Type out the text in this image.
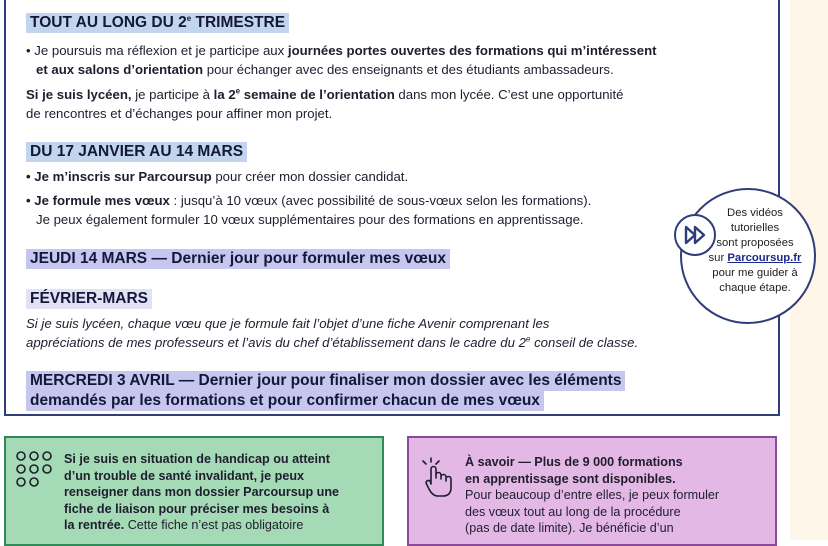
TOUT AU LONG DU 2e TRIMESTRE

• Je poursuis ma réflexion et je participe aux journées portes ouvertes des formations qui m’intéressent
et aux salons d’orientation pour échanger avec des enseignants et des étudiants ambassadeurs.

Si je suis lycéen, je participe à la 2e semaine de l’orientation dans mon lycée. C’est une opportunité
de rencontres et d’échanges pour affiner mon projet.

DU 17 JANVIER AU 14 MARS

• Je m’inscris sur Parcoursup pour créer mon dossier candidat.

• Je formule mes vœux : jusqu’à 10 vœux (avec possibilité de sous-vœux selon les formations).
Je peux également formuler 10 vœux supplémentaires pour des formations en apprentissage.

JEUDI 14 MARS — Dernier jour pour formuler mes vœux
FÉVRIER-MARS

Si je suis lycéen, chaque vœu que je formule fait l’objet d’une fiche Avenir comprenant les

appréciations de mes professeurs et l’avis du chef d’établissement dans le cadre du 2e conseil de classe.

MERCREDI 3 AVRIL — Dernier jour pour finaliser mon dossier avec les éléments
demandés par les formations et pour confirmer chacun de mes vœux
Des vidéos
tutorielles
sont proposées
sur Parcoursup.fr
pour me guider à
chaque étape.
Si je suis en situation de handicap ou atteint
d’un trouble de santé invalidant, je peux
renseigner dans mon dossier Parcoursup une
fiche de liaison pour préciser mes besoins à
la rentrée. Cette fiche n’est pas obligatoire
À savoir — Plus de 9 000 formations
en apprentissage sont disponibles.
Pour beaucoup d’entre elles, je peux formuler
des vœux tout au long de la procédure
(pas de date limite). Je bénéficie d’un
